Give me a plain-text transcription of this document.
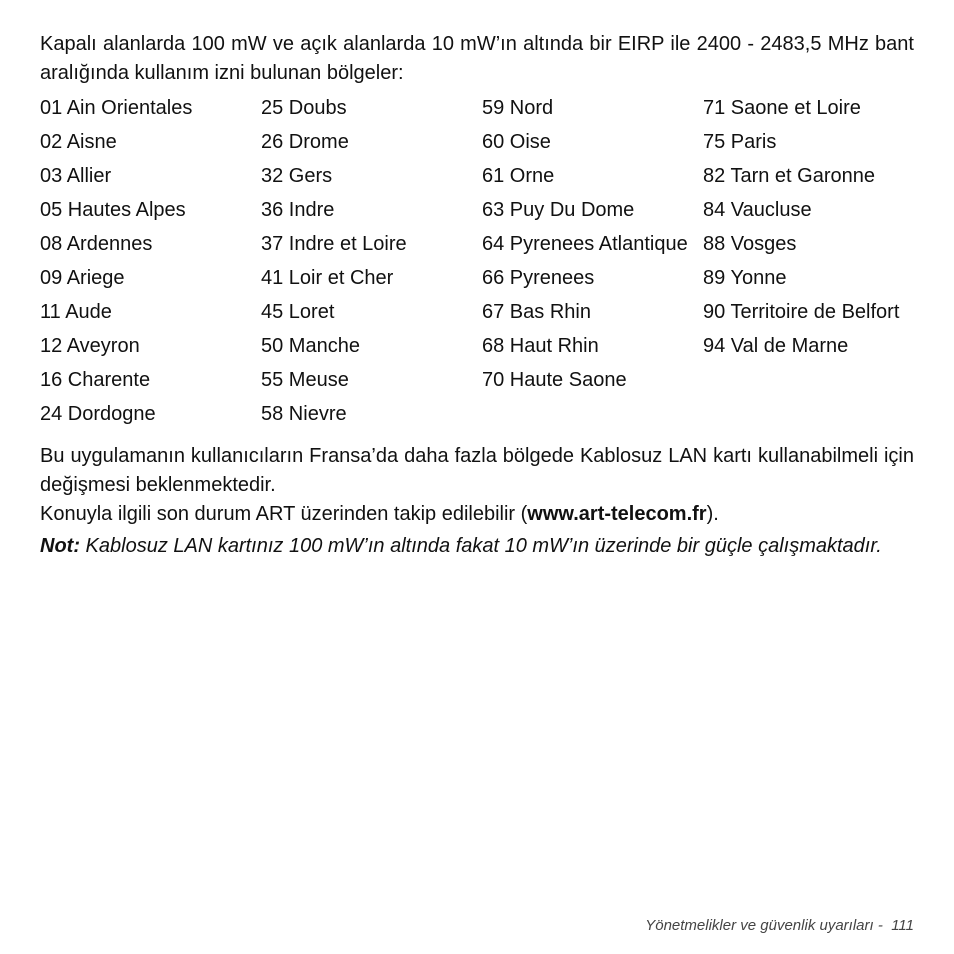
Kapalı alanlarda 100 mW ve açık alanlarda 10 mW’ın altında bir EIRP ile 2400 - 2483,5 MHz bant aralığında kullanım izni bulunan bölgeler:

01 Ain Orientales
02 Aisne
03 Allier
05 Hautes Alpes
08 Ardennes
09 Ariege
11 Aude
12 Aveyron
16 Charente
24 Dordogne
25 Doubs
26 Drome
32 Gers
36 Indre
37 Indre et Loire
41 Loir et Cher
45 Loret
50 Manche
55 Meuse
58 Nievre
59 Nord
60 Oise
61 Orne
63 Puy Du Dome
64 Pyrenees Atlantique
66 Pyrenees
67 Bas Rhin
68 Haut Rhin
70 Haute Saone
71 Saone et Loire
75 Paris
82 Tarn et Garonne
84 Vaucluse
88 Vosges
89 Yonne
90 Territoire de Belfort
94 Val de Marne

Bu uygulamanın kullanıcıların Fransa’da daha fazla bölgede Kablosuz LAN kartı kullanabilmeli için değişmesi beklenmektedir.

Konuyla ilgili son durum ART üzerinden takip edilebilir (www.art-telecom.fr).

Not: Kablosuz LAN kartınız 100 mW’ın altında fakat 10 mW’ın üzerinde bir güçle çalışmaktadır.

Yönetmelikler ve güvenlik uyarıları - 111
